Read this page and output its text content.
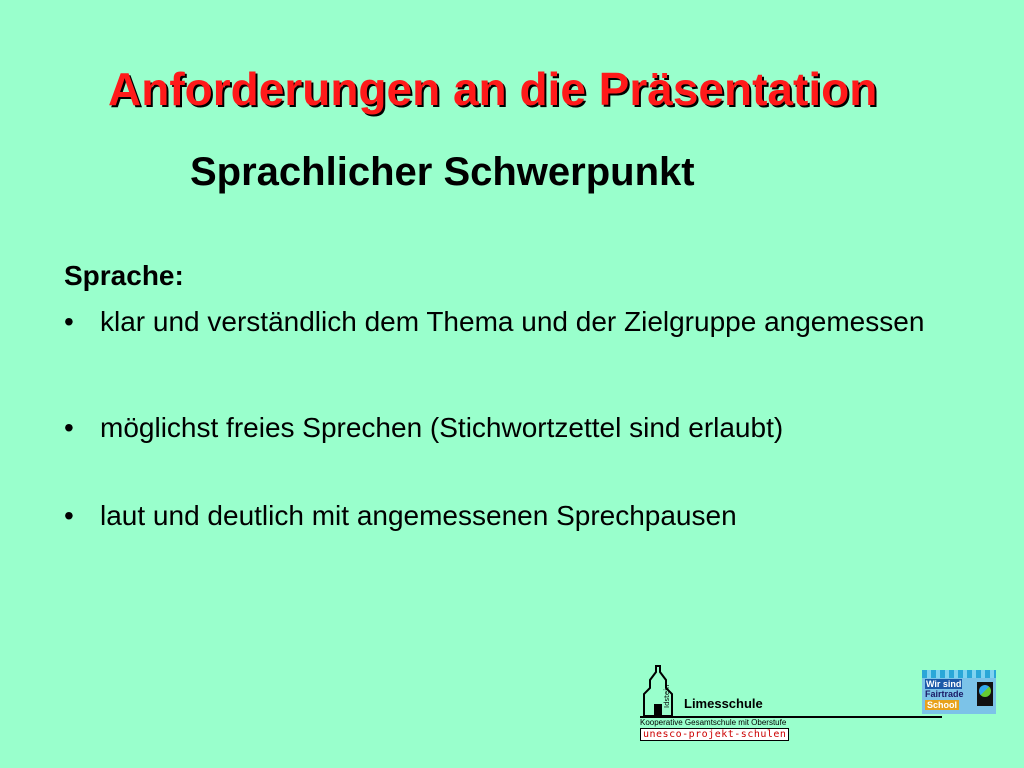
Anforderungen an die Präsentation
Sprachlicher Schwerpunkt
Sprache:
• klar und verständlich dem Thema und der Zielgruppe angemessen
• möglichst freies Sprechen (Stichwortzettel sind erlaubt)
• laut und deutlich mit angemessenen Sprechpausen
Idstein Limesschule
Kooperative Gesamtschule mit Oberstufe
unesco-projekt-schulen
Wir sind
Fairtrade
School
